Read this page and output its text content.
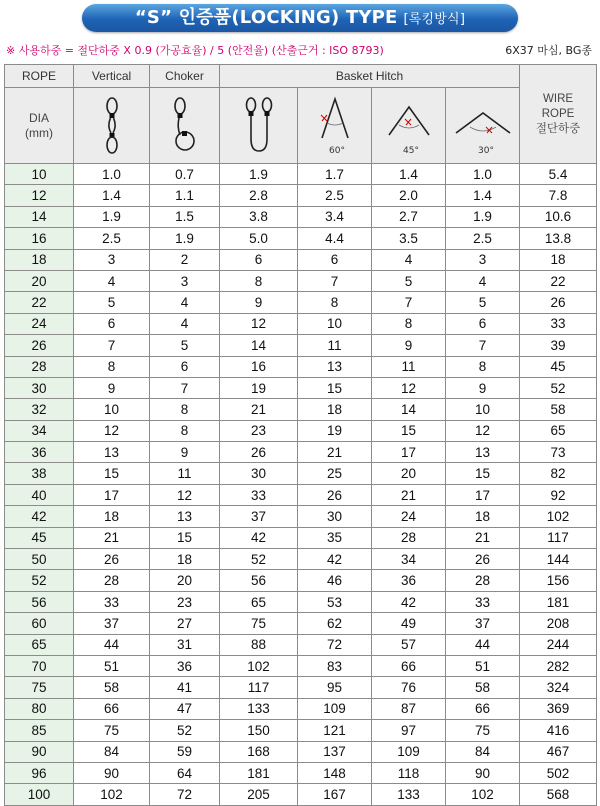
“S” 인증품(LOCKING) TYPE [록킹방식]
※ 사용하중 = 절단하중 X 0.9 (가공효율) / 5 (안전율) (산출근거 : ISO 8793)	6X37 마심, BG종
ROPE	Vertical	Choker	Basket Hitch				WIRE
ROPE
절단하중
DIA
(mm)				60°	45°	30°	

10	1.0	0.7	1.9	1.7	1.4	1.0	5.4
12	1.4	1.1	2.8	2.5	2.0	1.4	7.8
14	1.9	1.5	3.8	3.4	2.7	1.9	10.6
16	2.5	1.9	5.0	4.4	3.5	2.5	13.8
18	3	2	6	6	4	3	18
20	4	3	8	7	5	4	22
22	5	4	9	8	7	5	26
24	6	4	12	10	8	6	33
26	7	5	14	11	9	7	39
28	8	6	16	13	11	8	45
30	9	7	19	15	12	9	52
32	10	8	21	18	14	10	58
34	12	8	23	19	15	12	65
36	13	9	26	21	17	13	73
38	15	11	30	25	20	15	82
40	17	12	33	26	21	17	92
42	18	13	37	30	24	18	102
45	21	15	42	35	28	21	117
50	26	18	52	42	34	26	144
52	28	20	56	46	36	28	156
56	33	23	65	53	42	33	181
60	37	27	75	62	49	37	208
65	44	31	88	72	57	44	244
70	51	36	102	83	66	51	282
75	58	41	117	95	76	58	324
80	66	47	133	109	87	66	369
85	75	52	150	121	97	75	416
90	84	59	168	137	109	84	467
96	90	64	181	148	118	90	502
100	102	72	205	167	133	102	568
